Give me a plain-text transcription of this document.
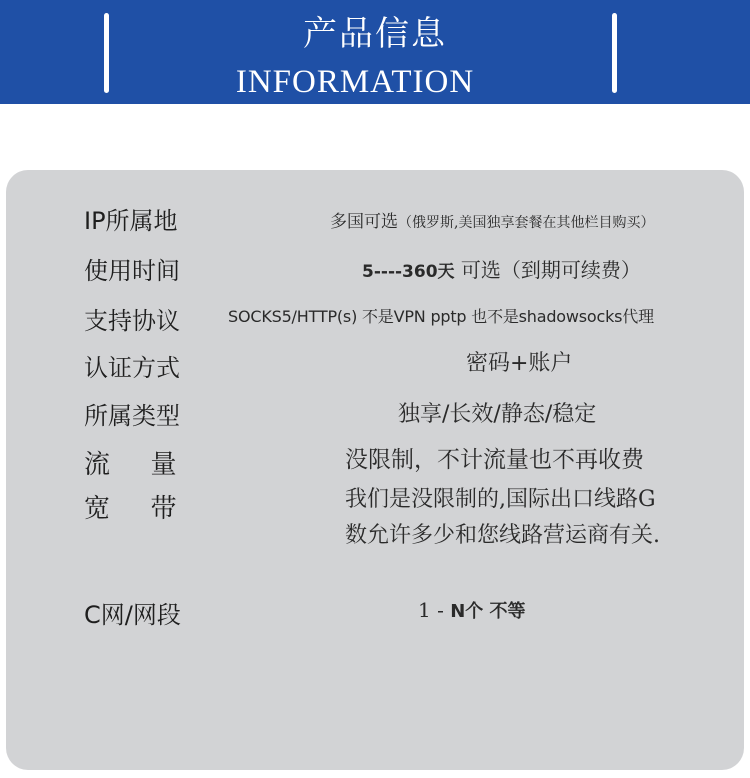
产品信息
INFORMATION
IP所属地	多国可选（俄罗斯,美国独享套餐在其他栏目购买）
使用时间	5----360天 可选（到期可续费）
支持协议	SOCKS5/HTTP(s) 不是VPN pptp 也不是shadowsocks代理
认证方式	密码+账户
所属类型	独享/长效/静态/稳定
流  量	没限制，不计流量也不再收费
宽  带	我们是没限制的,国际出口线路G
数允许多少和您线路营运商有关.
C网/网段	1 - N个 不等
